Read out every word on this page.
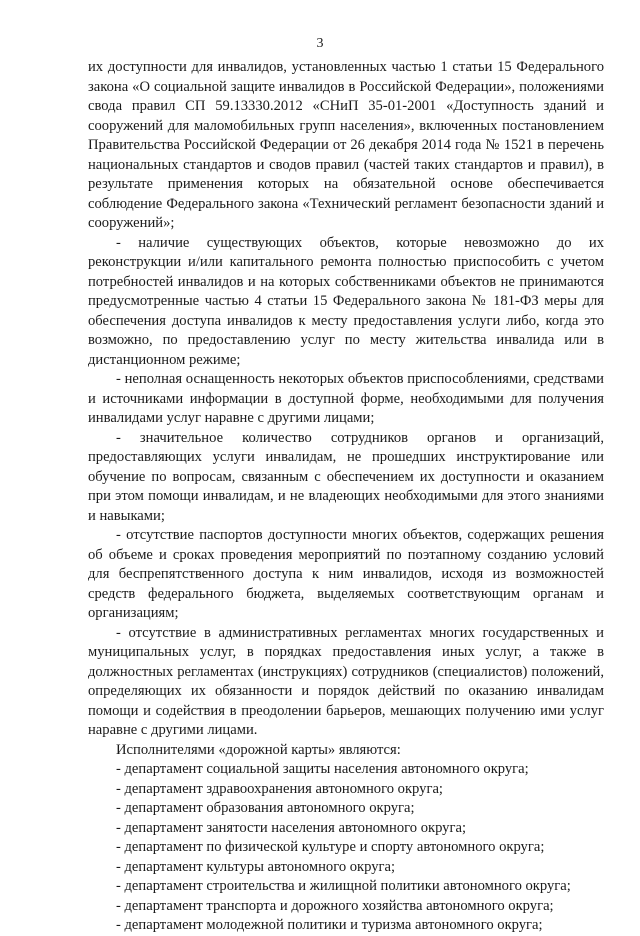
3

их доступности для инвалидов, установленных частью 1 статьи 15 Федерального закона «О социальной защите инвалидов в Российской Федерации», положениями свода правил СП 59.13330.2012 «СНиП 35-01-2001 «Доступность зданий и сооружений для маломобильных групп населения», включенных постановлением Правительства Российской Федерации от 26 декабря 2014 года № 1521 в перечень национальных стандартов и сводов правил (частей таких стандартов и правил), в результате применения которых на обязательной основе обеспечивается соблюдение Федерального закона «Технический регламент безопасности зданий и сооружений»;

- наличие существующих объектов, которые невозможно до их реконструкции и/или капитального ремонта полностью приспособить с учетом потребностей инвалидов и на которых собственниками объектов не принимаются предусмотренные частью 4 статьи 15 Федерального закона № 181-ФЗ меры для обеспечения доступа инвалидов к месту предоставления услуги либо, когда это возможно, по предоставлению услуг по месту жительства инвалида или в дистанционном режиме;

- неполная оснащенность некоторых объектов приспособлениями, средствами и источниками информации в доступной форме, необходимыми для получения инвалидами услуг наравне с другими лицами;

- значительное количество сотрудников органов и организаций, предоставляющих услуги инвалидам, не прошедших инструктирование или обучение по вопросам, связанным с обеспечением их доступности и оказанием при этом помощи инвалидам, и не владеющих необходимыми для этого знаниями и навыками;

- отсутствие паспортов доступности многих объектов, содержащих решения об объеме и сроках проведения мероприятий по поэтапному созданию условий для беспрепятственного доступа к ним инвалидов, исходя из возможностей средств федерального бюджета, выделяемых соответствующим органам и организациям;

- отсутствие в административных регламентах многих государственных и муниципальных услуг, в порядках предоставления иных услуг, а также в должностных регламентах (инструкциях) сотрудников (специалистов) положений, определяющих их обязанности и порядок действий по оказанию инвалидам помощи и содействия в преодолении барьеров, мешающих получению ими услуг наравне с другими лицами.

Исполнителями «дорожной карты» являются:

- департамент социальной защиты населения автономного округа;

- департамент здравоохранения автономного округа;

- департамент образования автономного округа;

- департамент занятости населения автономного округа;

- департамент по физической культуре и спорту автономного округа;

- департамент культуры автономного округа;

- департамент строительства и жилищной политики автономного округа;

- департамент транспорта и дорожного хозяйства автономного округа;

- департамент молодежной политики и туризма автономного округа;
